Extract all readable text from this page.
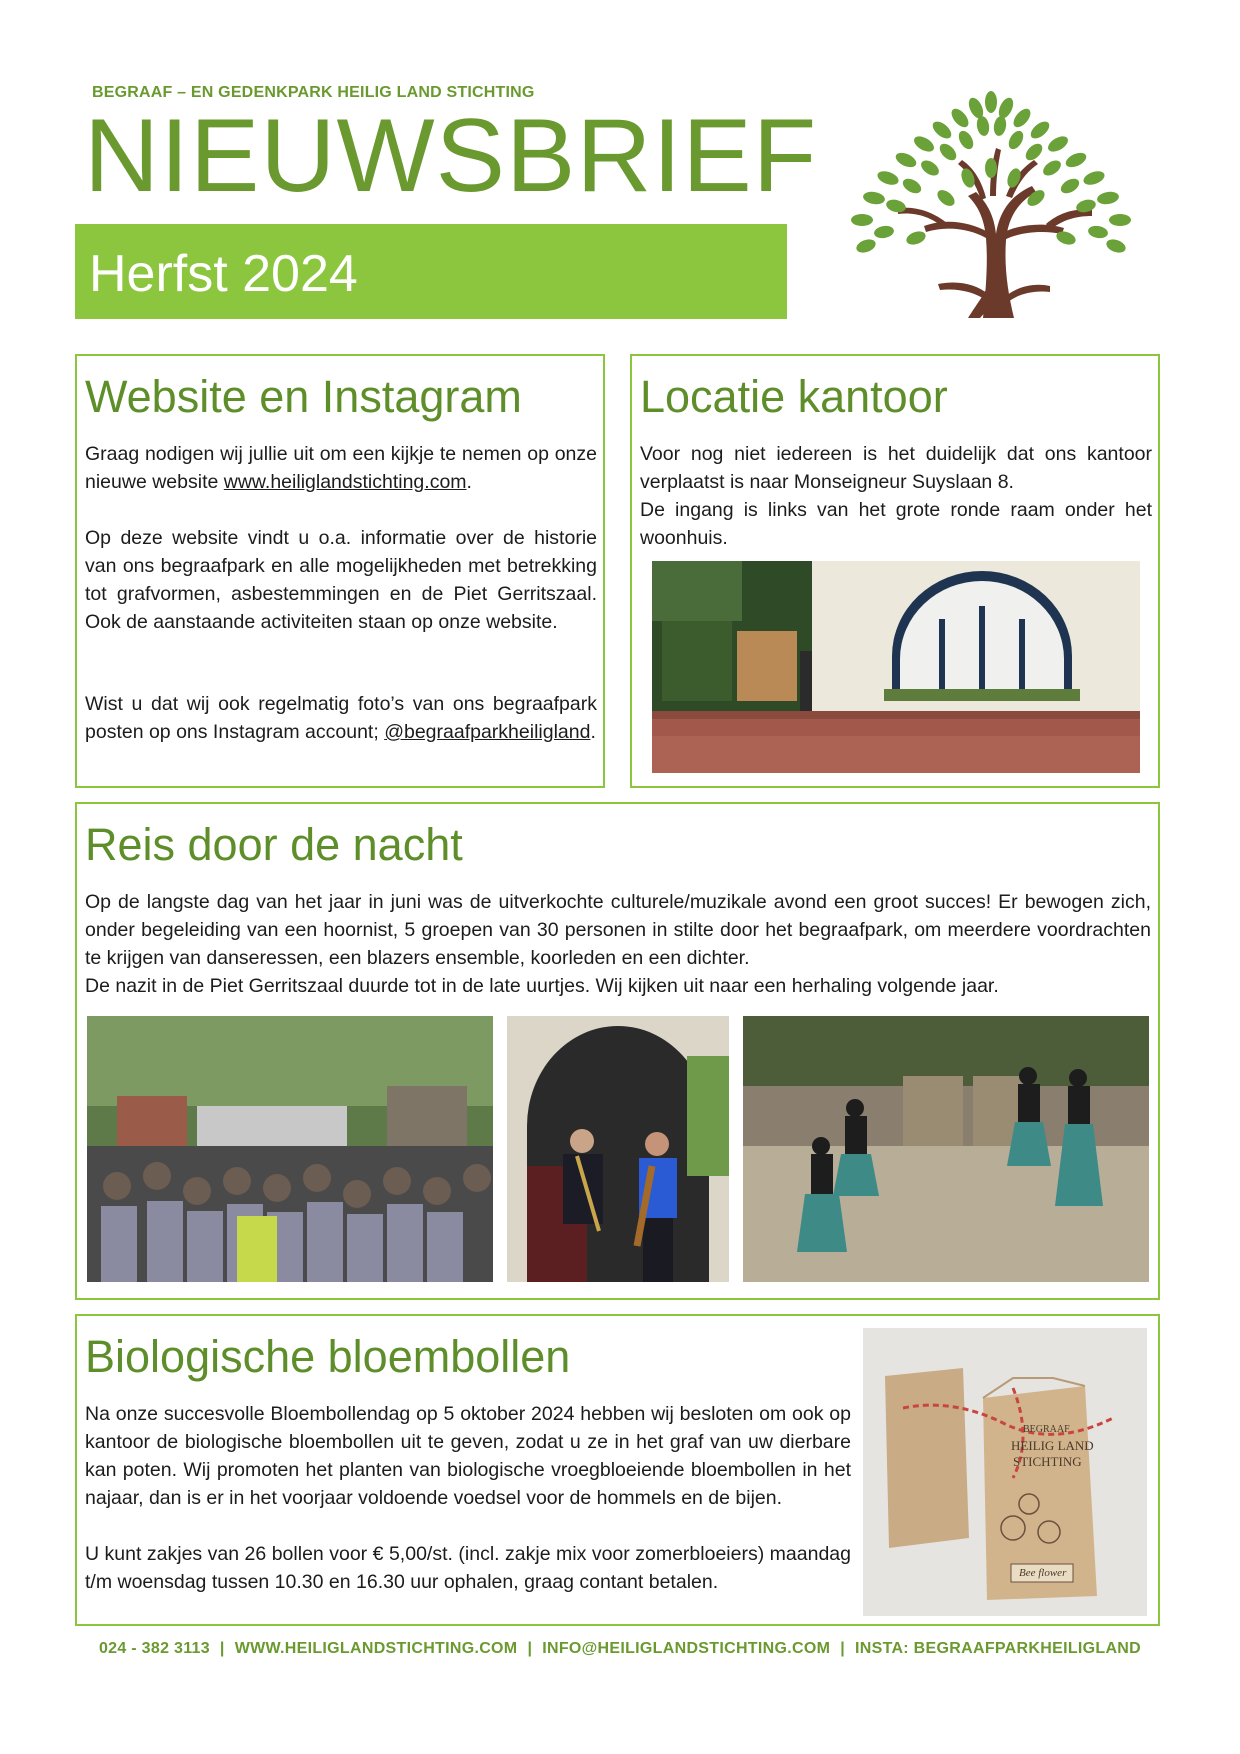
BEGRAAF – EN GEDENKPARK HEILIG LAND STICHTING
NIEUWSBRIEF
Herfst 2024
Website en Instagram

Graag nodigen wij jullie uit om een kijkje te nemen op onze nieuwe website www.heiliglandstichting.com.

Op deze website vindt u o.a. informatie over de historie van ons begraafpark en alle mogelijkheden met betrekking tot grafvormen, asbestemmingen en de Piet Gerritszaal. Ook de aanstaande activiteiten staan op onze website.

Wist u dat wij ook regelmatig foto’s van ons begraafpark posten op ons Instagram account; @begraafparkheiligland.

Locatie kantoor

Voor nog niet iedereen is het duidelijk dat ons kantoor verplaatst is naar Monseigneur Suyslaan 8.

De ingang is links van het grote ronde raam onder het woonhuis.

Reis door de nacht

Op de langste dag van het jaar in juni was de uitverkochte culturele/muzikale avond een groot succes! Er bewogen zich, onder begeleiding van een hoornist, 5 groepen van 30 personen in stilte door het begraafpark, om meerdere voordrachten te krijgen van danseressen, een blazers ensemble, koorleden en een dichter.

De nazit in de Piet Gerritszaal duurde tot in de late uurtjes. Wij kijken uit naar een herhaling volgende jaar.

Biologische bloembollen

Na onze succesvolle Bloembollendag op 5 oktober 2024 hebben wij besloten om ook op kantoor de biologische bloembollen uit te geven, zodat u ze in het graf van uw dierbare kan poten. Wij promoten het planten van biologische vroegbloeiende bloembollen in het najaar, dan is er in het voorjaar voldoende voedsel voor de hommels en de bijen.

U kunt zakjes van 26 bollen voor € 5,00/st. (incl. zakje mix voor zomerbloeiers) maandag t/m woensdag tussen 10.30 en 16.30 uur ophalen, graag contant betalen.

BEGRAAF
HEILIG LAND
STICHTING
Bee flower
024 - 382 3113 | WWW.HEILIGLANDSTICHTING.COM | INFO@HEILIGLANDSTICHTING.COM | INSTA: BEGRAAFPARKHEILIGLAND
